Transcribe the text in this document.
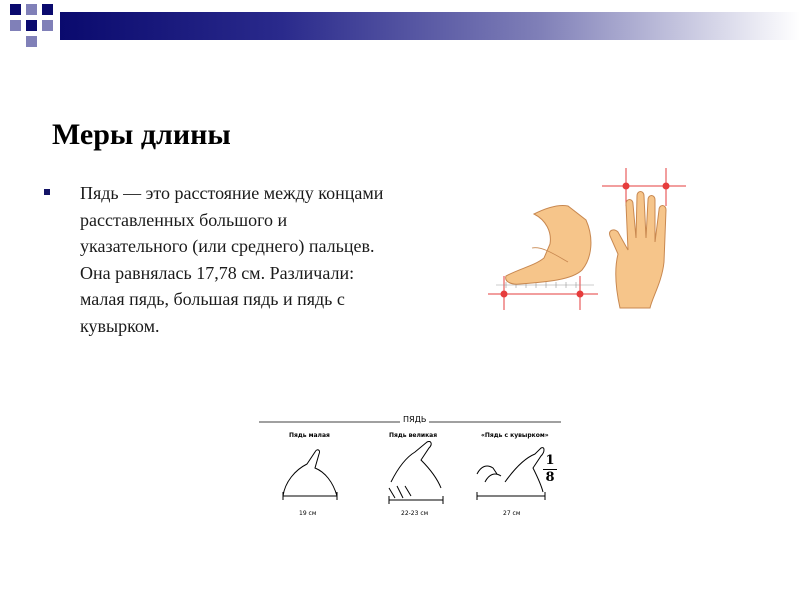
Меры длины

Пядь — это расстояние между концами расставленных большого и указательного (или среднего) пальцев. Она равнялась 17,78 см. Различали: малая пядь, большая пядь и пядь с кувырком.

ПЯДЬ
Пядь малая	Пядь великая	«Пядь с кувырком»
19 см	22-23 см	27 см
1
8
